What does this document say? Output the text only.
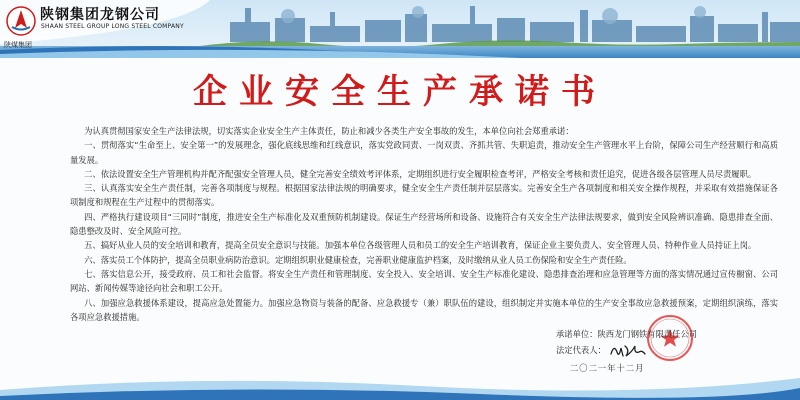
陕钢集团龙钢公司
SHAAN STEEL GROUP LONG STEEL COMPANY
陕煤集团
企业安全生产承诺书

为认真贯彻国家安全生产法律法规，切实落实企业安全生产主体责任，防止和减少各类生产安全事故的发生，本单位向社会郑重承诺：

一、贯彻落实“生命至上、安全第一”的发展理念，强化底线思维和红线意识，落实党政同责、一岗双责、齐抓共管、失职追责，推动安全生产管理水平上台阶，保障公司生产经营顺行和高质量发展。

二、依法设置安全生产管理机构并配齐配强安全管理人员，健全完善安全绩效考评体系，定期组织进行安全履职检查考评，严格安全考核和责任追究，促进各级各层管理人员尽责履职。

三、认真落实安全生产责任制，完善各项制度与规程。根据国家法律法规的明确要求，健全安全生产责任制并层层落实。完善安全生产各项制度和相关安全操作规程，并采取有效措施保证各项制度和规程在生产过程中的贯彻落实。

四、严格执行建设项目“三同时”制度，推进安全生产标准化及双重预防机制建设。保证生产经营场所和设备、设施符合有关安全生产法律法规要求，做到安全风险辨识准确、隐患排查全面、隐患整改及时、安全风险可控。

五、搞好从业人员的安全培训和教育，提高全员安全意识与技能。加强本单位各级管理人员和员工的安全生产培训教育，保证企业主要负责人、安全管理人员、特种作业人员持证上岗。

六、落实员工个体防护，提高全员职业病防治意识。定期组织职业健康检查，完善职业健康监护档案，及时缴纳从业人员工伤保险和安全生产责任险。

七、落实信息公开，接受政府、员工和社会监督。将安全生产责任和管理制度、安全投入、安全培训、安全生产标准化建设、隐患排查治理和应急管理等方面的落实情况通过宣传橱窗、公司网站、新闻传媒等途径向社会和职工公开。

八、加强应急救援体系建设，提高应急处置能力。加强应急物资与装备的配备、应急救援专（兼）职队伍的建设，组织制定并实施本单位的生产安全事故应急救援预案，定期组织演练，落实各项应急救援措施。

承诺单位：陕西龙门钢铁有限责任公司
法定代表人：
二〇二一年十二月
